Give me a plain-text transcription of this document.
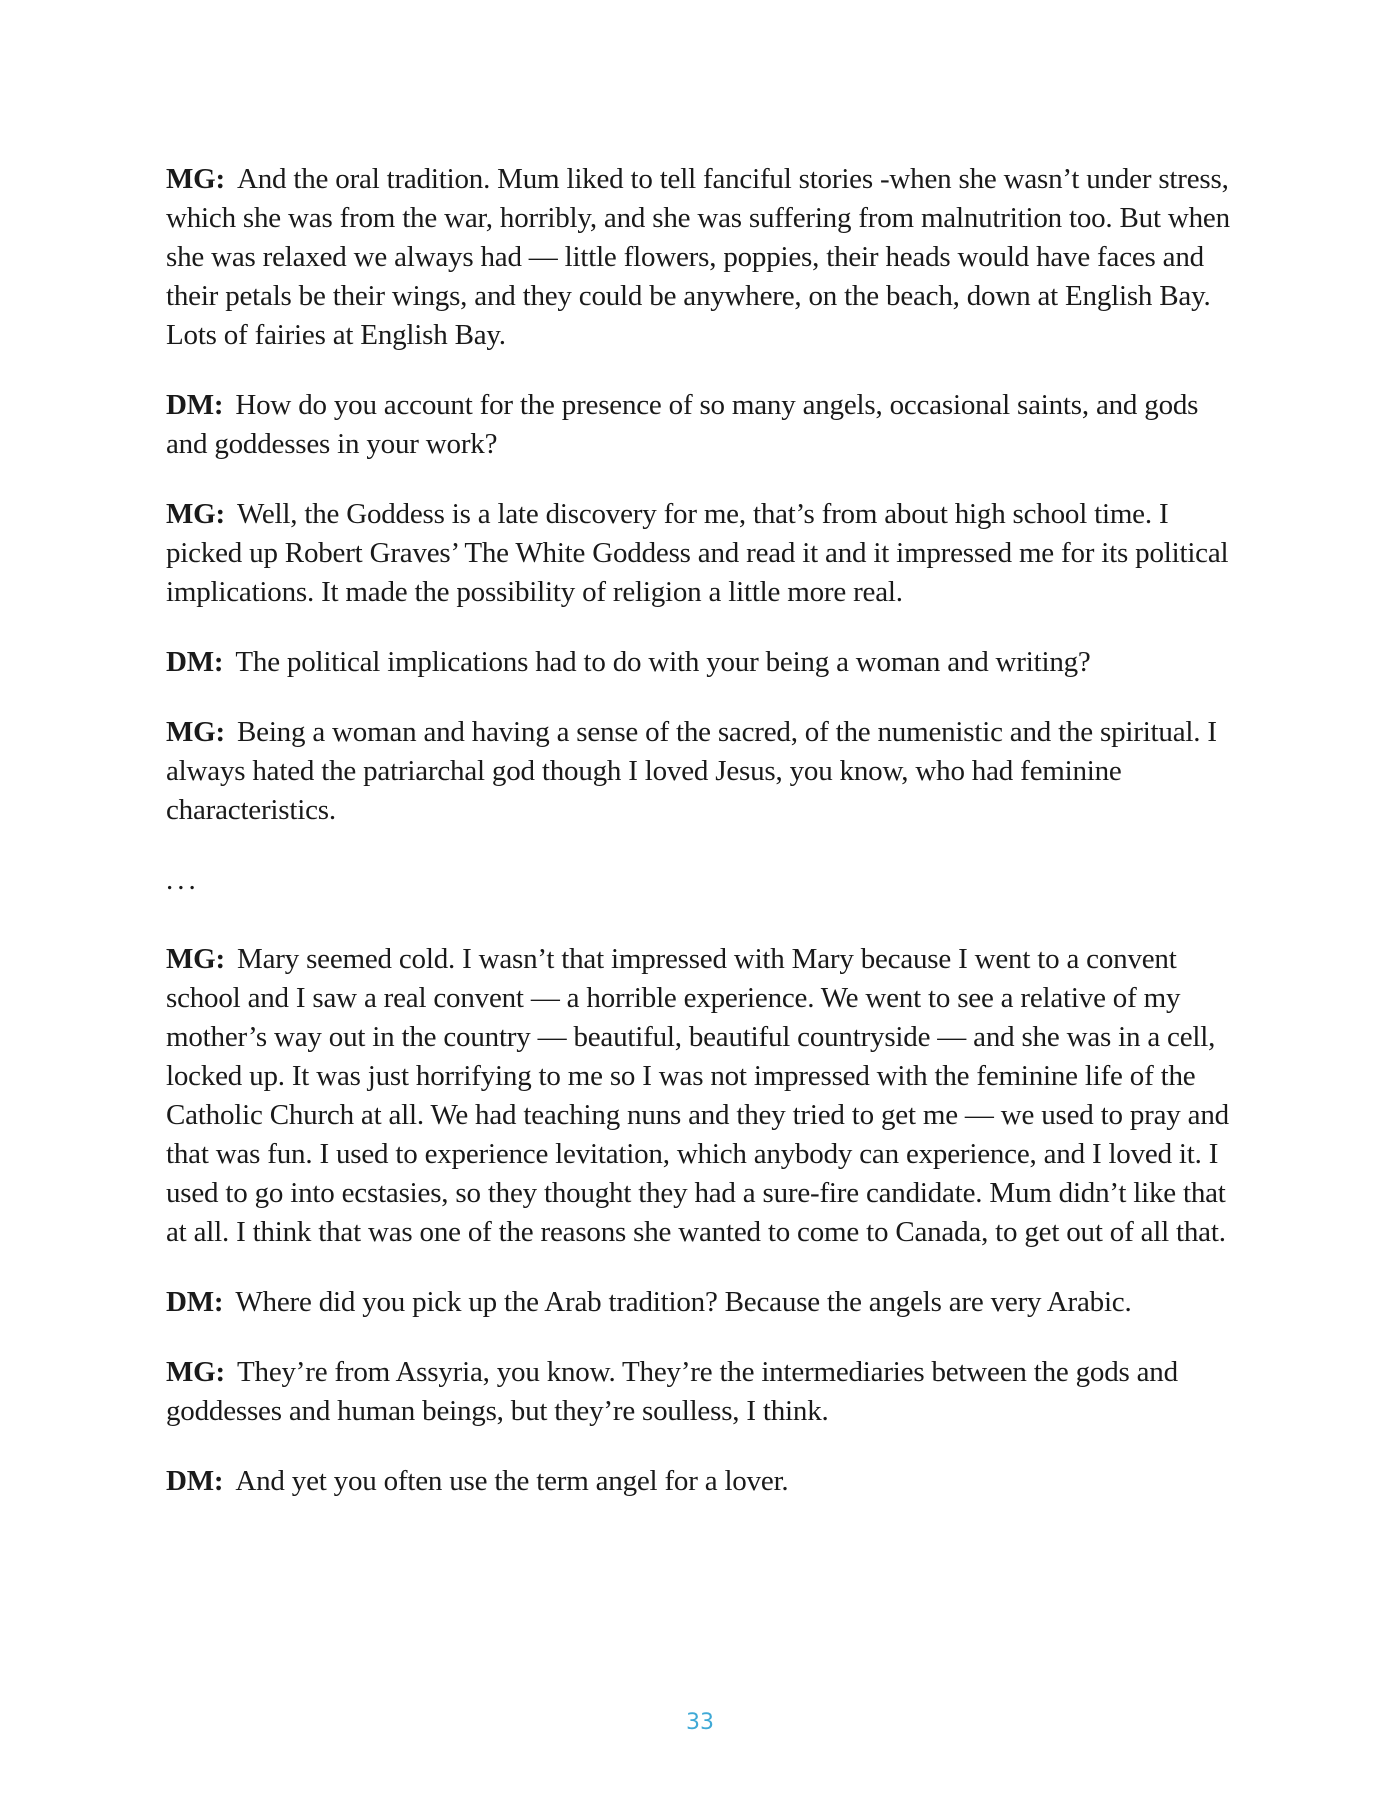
MG: And the oral tradition. Mum liked to tell fanciful stories -when she wasn’t under stress, which she was from the war, horribly, and she was suffering from malnutrition too. But when she was relaxed we always had — little flowers, poppies, their heads would have faces and their petals be their wings, and they could be anywhere, on the beach, down at English Bay. Lots of fairies at English Bay.

DM: How do you account for the presence of so many angels, occasional saints, and gods and goddesses in your work?

MG: Well, the Goddess is a late discovery for me, that’s from about high school time. I picked up Robert Graves’ The White Goddess and read it and it impressed me for its political implications. It made the possibility of religion a little more real.

DM: The political implications had to do with your being a woman and writing?

MG: Being a woman and having a sense of the sacred, of the numenistic and the spiritual. I always hated the patriarchal god though I loved Jesus, you know, who had feminine characteristics.

...

MG: Mary seemed cold. I wasn’t that impressed with Mary because I went to a convent school and I saw a real convent — a horrible experience. We went to see a relative of my mother’s way out in the country — beautiful, beautiful countryside — and she was in a cell, locked up. It was just horrifying to me so I was not impressed with the feminine life of the Catholic Church at all. We had teaching nuns and they tried to get me — we used to pray and that was fun. I used to experience levitation, which anybody can experience, and I loved it. I used to go into ecstasies, so they thought they had a sure-fire candidate. Mum didn’t like that at all. I think that was one of the reasons she wanted to come to Canada, to get out of all that.

DM: Where did you pick up the Arab tradition? Because the angels are very Arabic.

MG: They’re from Assyria, you know. They’re the intermediaries between the gods and goddesses and human beings, but they’re soulless, I think.

DM: And yet you often use the term angel for a lover.

33
